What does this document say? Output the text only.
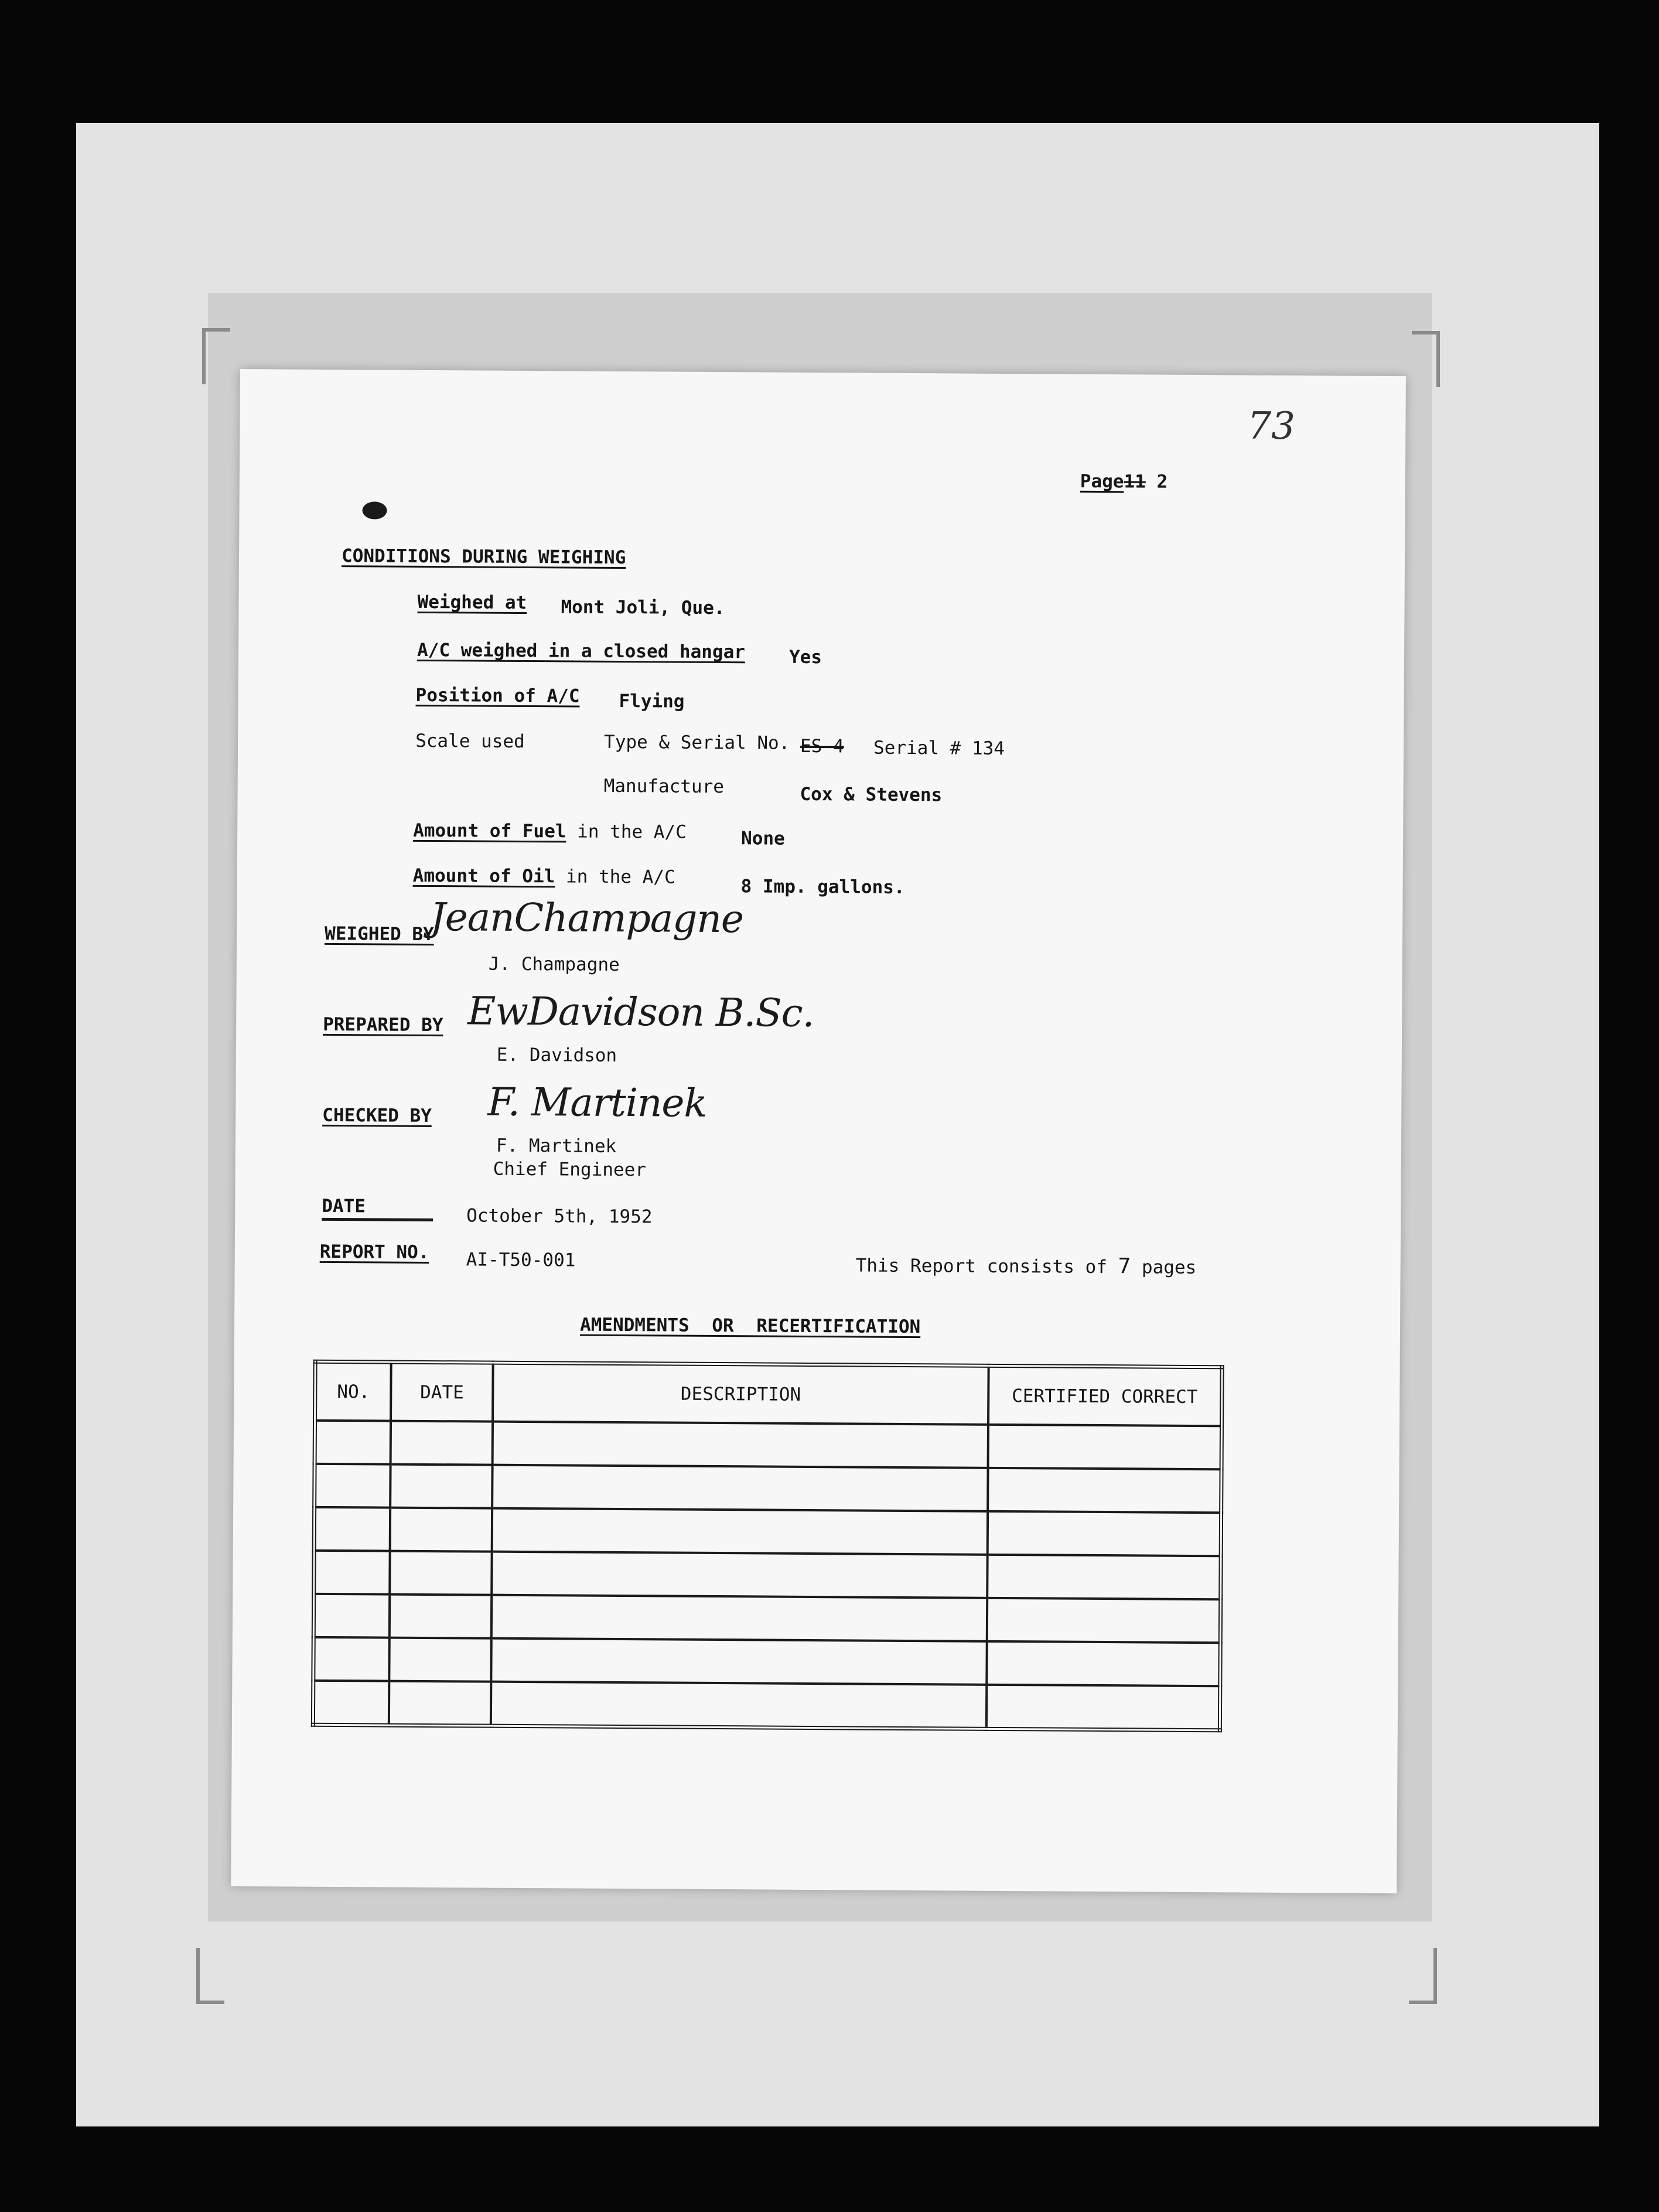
73
Page11 2
CONDITIONS DURING WEIGHING
Weighed at Mont Joli, Que.
A/C weighed in a closed hangar Yes
Position of A/C Flying
Scale used	Type & Serial No. ES-4 Serial # 134
Manufacture	Cox & Stevens
Amount of Fuel in the A/C	None
Amount of Oil in the A/C	8 Imp. gallons.
WEIGHED BY
JeanChampagne
J. Champagne
PREPARED BY EwDavidson B.Sc.
E. Davidson
CHECKED BY F. Martinek
F. Martinek
Chief Engineer
DATE	October 5th, 1952
REPORT NO. AI-T50-001	This Report consists of 7 pages
AMENDMENTS OR RECERTIFICATION
NO.	DATE	DESCRIPTION	CERTIFIED CORRECT
